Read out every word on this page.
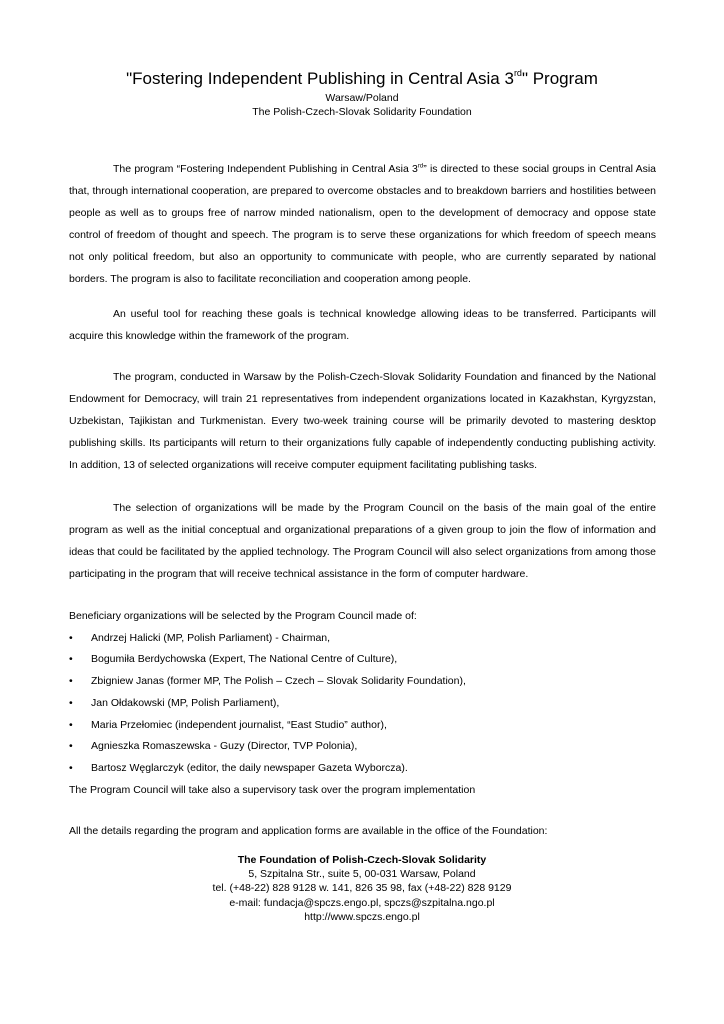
"Fostering Independent Publishing in Central Asia 3rd" Program
Warsaw/Poland
The Polish-Czech-Slovak Solidarity Foundation

The program “Fostering Independent Publishing in Central Asia 3rd” is directed to these social groups in Central Asia that, through international cooperation, are prepared to overcome obstacles and to breakdown barriers and hostilities between people as well as to groups free of narrow minded nationalism, open to the development of democracy and oppose state control of freedom of thought and speech. The program is to serve these organizations for which freedom of speech means not only political freedom, but also an opportunity to communicate with people, who are currently separated by national borders. The program is also to facilitate reconciliation and cooperation among people.

An useful tool for reaching these goals is technical knowledge allowing ideas to be transferred. Participants will acquire this knowledge within the framework of the program.

The program, conducted in Warsaw by the Polish-Czech-Slovak Solidarity Foundation and financed by the National Endowment for Democracy, will train 21 representatives from independent organizations located in Kazakhstan, Kyrgyzstan, Uzbekistan, Tajikistan and Turkmenistan. Every two-week training course will be primarily devoted to mastering desktop publishing skills. Its participants will return to their organizations fully capable of independently conducting publishing activity. In addition, 13 of selected organizations will receive computer equipment facilitating publishing tasks.

The selection of organizations will be made by the Program Council on the basis of the main goal of the entire program as well as the initial conceptual and organizational preparations of a given group to join the flow of information and ideas that could be facilitated by the applied technology. The Program Council will also select organizations from among those participating in the program that will receive technical assistance in the form of computer hardware.

Beneficiary organizations will be selected by the Program Council made of:
• Andrzej Halicki (MP, Polish Parliament) - Chairman,
• Bogumiła Berdychowska (Expert, The National Centre of Culture),
• Zbigniew Janas (former MP, The Polish – Czech – Slovak Solidarity Foundation),
• Jan Ołdakowski (MP, Polish Parliament),
• Maria Przełomiec (independent journalist, “East Studio” author),
• Agnieszka Romaszewska - Guzy (Director, TVP Polonia),
• Bartosz Węglarczyk (editor, the daily newspaper Gazeta Wyborcza).
The Program Council will take also a supervisory task over the program implementation
All the details regarding the program and application forms are available in the office of the Foundation:
The Foundation of Polish-Czech-Slovak Solidarity
5, Szpitalna Str., suite 5, 00-031 Warsaw, Poland
tel. (+48-22) 828 9128 w. 141, 826 35 98, fax (+48-22) 828 9129
e-mail: fundacja@spczs.engo.pl, spczs@szpitalna.ngo.pl
http://www.spczs.engo.pl
